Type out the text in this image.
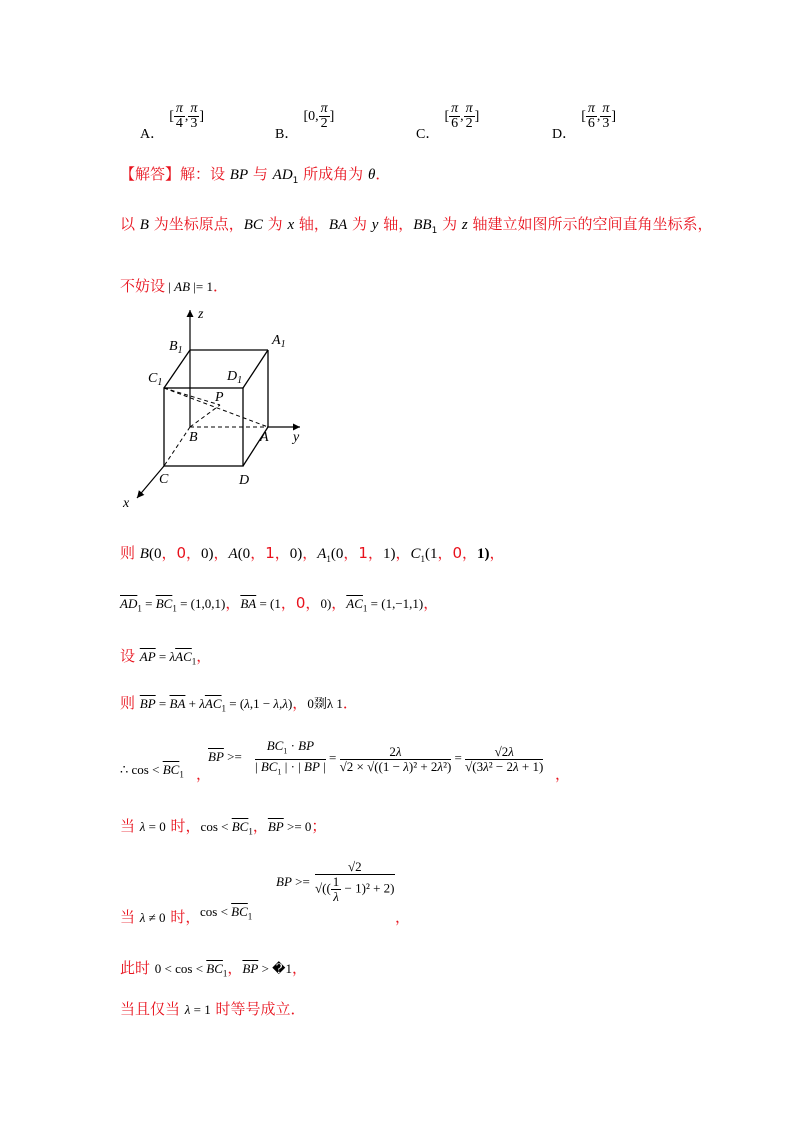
A． [ $\frac{\pi}{4}$ , $\frac{\pi}{3}$ ]
B． [0, $\frac{\pi}{2}$ ]
C． [ $\frac{\pi}{6}$ , $\frac{\pi}{2}$ ]
D． [ $\frac{\pi}{6}$ , $\frac{\pi}{3}$ ]
【解答】解：设 BP 与 $AD_1$ 所成角为 θ．
以 B 为坐标原点，BC 为 x 轴，BA 为 y 轴，$BB_1$ 为 z 轴建立如图所示的空间直角坐标系，
不妨设 | AB |= 1．
z
$B_1$
$A_1$
$C_1$	$D_1$
P
B	A y
C	D
x
则 B(0，0，0)，A(0，1，0)，$A_1(0$，1，1)，$C_1(1$，0，1)，
$\overline{AD}_1 = \overline{BC}_1 = (1,0,1)$，$\overline{BA} = (1$，0，0)，$\overline{AC}_1 = (1,-1,1)$，
设 $\overline{AP} = \lambda\overline{AC}_1$，
则 $\overline{BP} = \overline{BA} + \lambda\overline{AC}_1 = (\lambda,1 - \lambda,\lambda)$，0剟λ 1．
∴ $\cos < \overline{BC}_1$ ，
$\overline{BP} >= \frac{BC_1 \cdot BP}{| BC_1 | \cdot | BP |} = \frac{2\lambda}{\text{√2 × √((1 − λ)² + 2λ²)}} = \frac{√2\lambda}{\text{√(3λ² − 2λ + 1)}}$
，
当 λ = 0 时，$\cos < \overline{BC}_1$，$\overline{BP} >= 0$；
当 λ ≠ 0 时， $\cos < \overline{BC}_1$
BP >= $\frac{√2}{√(( \frac{1}{\lambda} - 1)^2 + 2)}$
，
此时 $0 < \cos < \overline{BC}_1$，$\overline{BP}$ > �1，
当且仅当 λ = 1 时等号成立．
